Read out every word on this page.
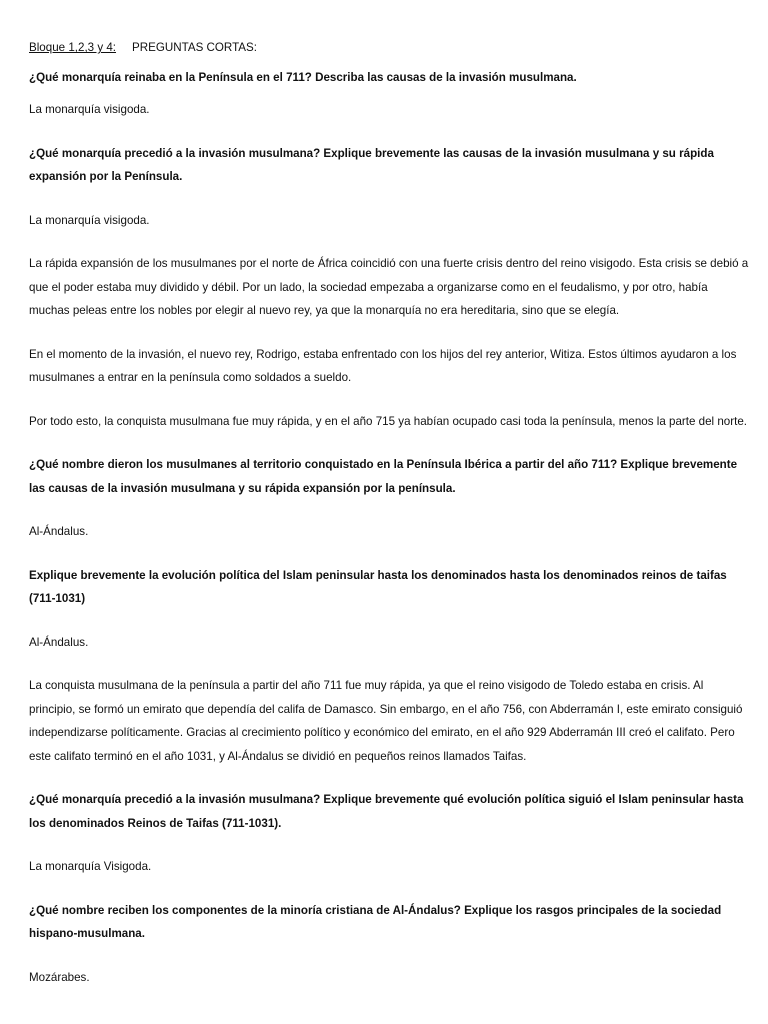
Bloque 1,2,3 y 4: PREGUNTAS CORTAS:

¿Qué monarquía reinaba en la Península en el 711? Describa las causas de la invasión musulmana.

La monarquía visigoda.

¿Qué monarquía precedió a la invasión musulmana? Explique brevemente las causas de la invasión musulmana y su rápida expansión por la Península.

La monarquía visigoda.

La rápida expansión de los musulmanes por el norte de África coincidió con una fuerte crisis dentro del reino visigodo. Esta crisis se debió a que el poder estaba muy dividido y débil. Por un lado, la sociedad empezaba a organizarse como en el feudalismo, y por otro, había muchas peleas entre los nobles por elegir al nuevo rey, ya que la monarquía no era hereditaria, sino que se elegía.

En el momento de la invasión, el nuevo rey, Rodrigo, estaba enfrentado con los hijos del rey anterior, Witiza. Estos últimos ayudaron a los musulmanes a entrar en la península como soldados a sueldo.

Por todo esto, la conquista musulmana fue muy rápida, y en el año 715 ya habían ocupado casi toda la península, menos la parte del norte.

¿Qué nombre dieron los musulmanes al territorio conquistado en la Península Ibérica a partir del año 711? Explique brevemente las causas de la invasión musulmana y su rápida expansión por la península.

Al-Ándalus.

Explique brevemente la evolución política del Islam peninsular hasta los denominados hasta los denominados reinos de taifas (711-1031)

Al-Ándalus.

La conquista musulmana de la península a partir del año 711 fue muy rápida, ya que el reino visigodo de Toledo estaba en crisis. Al principio, se formó un emirato que dependía del califa de Damasco. Sin embargo, en el año 756, con Abderramán I, este emirato consiguió independizarse políticamente. Gracias al crecimiento político y económico del emirato, en el año 929 Abderramán III creó el califato. Pero este califato terminó en el año 1031, y Al-Ándalus se dividió en pequeños reinos llamados Taifas.

¿Qué monarquía precedió a la invasión musulmana? Explique brevemente qué evolución política siguió el Islam peninsular hasta los denominados Reinos de Taifas (711-1031).

La monarquía Visigoda.

¿Qué nombre reciben los componentes de la minoría cristiana de Al-Ándalus? Explique los rasgos principales de la sociedad hispano-musulmana.

Mozárabes.
